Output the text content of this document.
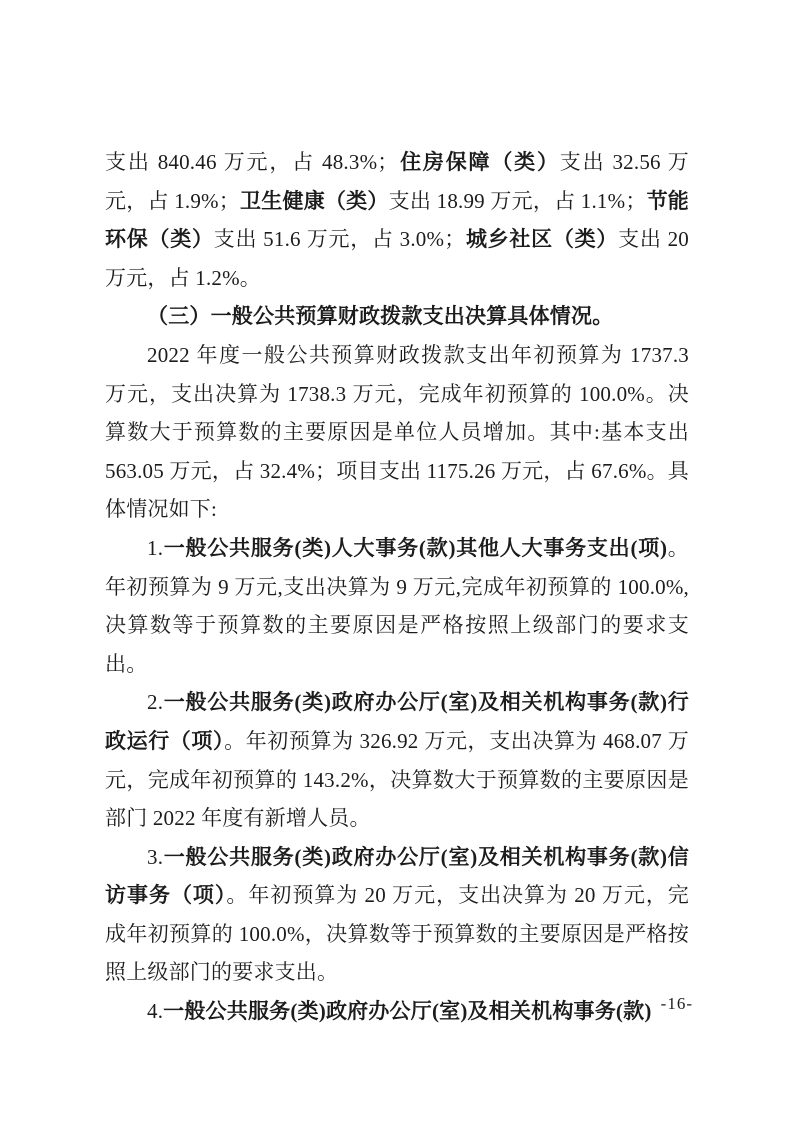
支出 840.46 万元，占 48.3%；住房保障（类）支出 32.56 万元，占 1.9%；卫生健康（类）支出 18.99 万元，占 1.1%；节能环保（类）支出 51.6 万元，占 3.0%；城乡社区（类）支出 20 万元，占 1.2%。

（三）一般公共预算财政拨款支出决算具体情况。

2022 年度一般公共预算财政拨款支出年初预算为 1737.3 万元，支出决算为 1738.3 万元，完成年初预算的 100.0%。决算数大于预算数的主要原因是单位人员增加。其中:基本支出 563.05 万元，占 32.4%；项目支出 1175.26 万元，占 67.6%。具体情况如下:

1.一般公共服务(类)人大事务(款)其他人大事务支出(项)。年初预算为 9 万元,支出决算为 9 万元,完成年初预算的 100.0%,决算数等于预算数的主要原因是严格按照上级部门的要求支出。

2.一般公共服务(类)政府办公厅(室)及相关机构事务(款)行政运行（项）。年初预算为 326.92 万元，支出决算为 468.07 万元，完成年初预算的 143.2%，决算数大于预算数的主要原因是部门 2022 年度有新增人员。

3.一般公共服务(类)政府办公厅(室)及相关机构事务(款)信访事务（项）。年初预算为 20 万元，支出决算为 20 万元，完成年初预算的 100.0%，决算数等于预算数的主要原因是严格按照上级部门的要求支出。

4.一般公共服务(类)政府办公厅(室)及相关机构事务(款) -16-
